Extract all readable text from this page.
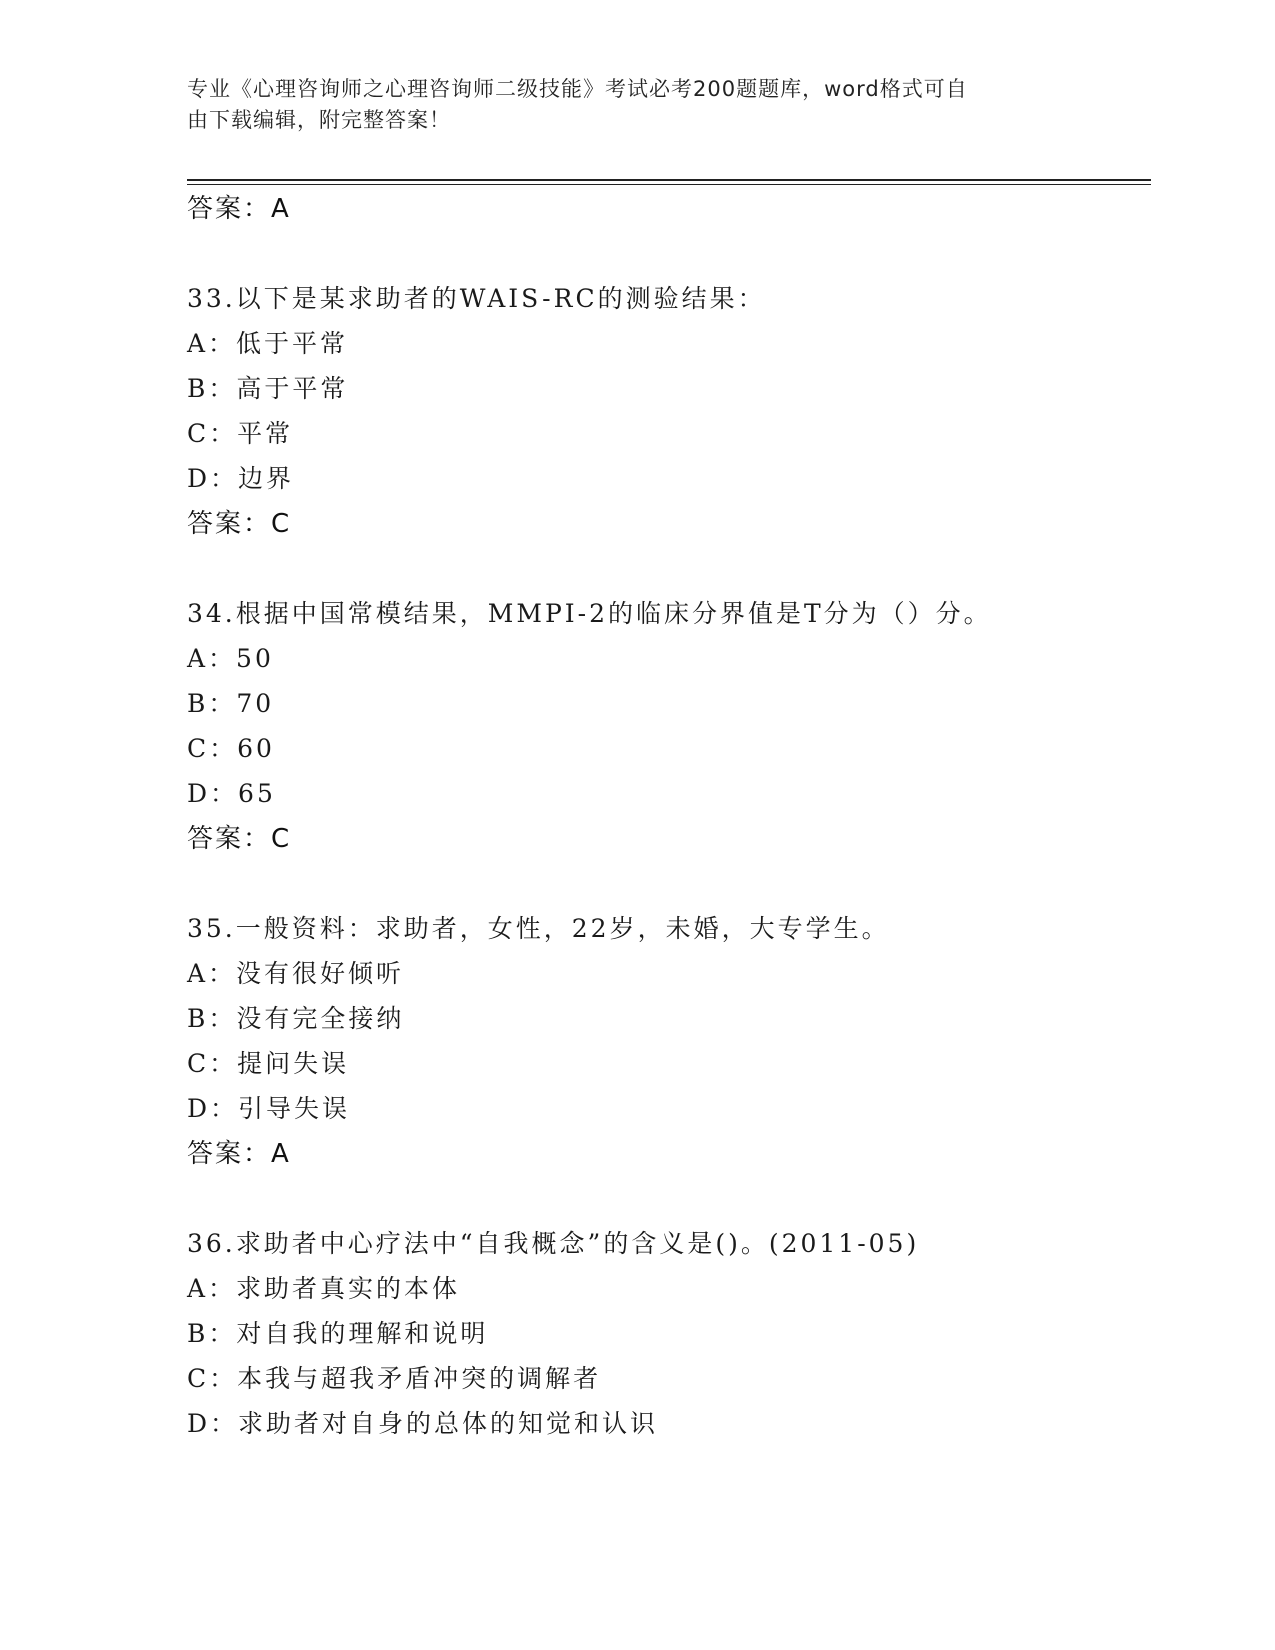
专业《心理咨询师之心理咨询师二级技能》考试必考200题题库，word格式可自
由下载编辑，附完整答案！
答案：A
33.以下是某求助者的WAIS-RC的测验结果：
A：低于平常
B：高于平常
C：平常
D：边界
答案：C
34.根据中国常模结果，MMPI-2的临床分界值是T分为（）分。
A：50
B：70
C：60
D：65
答案：C
35.一般资料：求助者，女性，22岁，未婚，大专学生。
A：没有很好倾听
B：没有完全接纳
C：提问失误
D：引导失误
答案：A
36.求助者中心疗法中“自我概念”的含义是()。(2011-05)
A：求助者真实的本体
B：对自我的理解和说明
C：本我与超我矛盾冲突的调解者
D：求助者对自身的总体的知觉和认识
